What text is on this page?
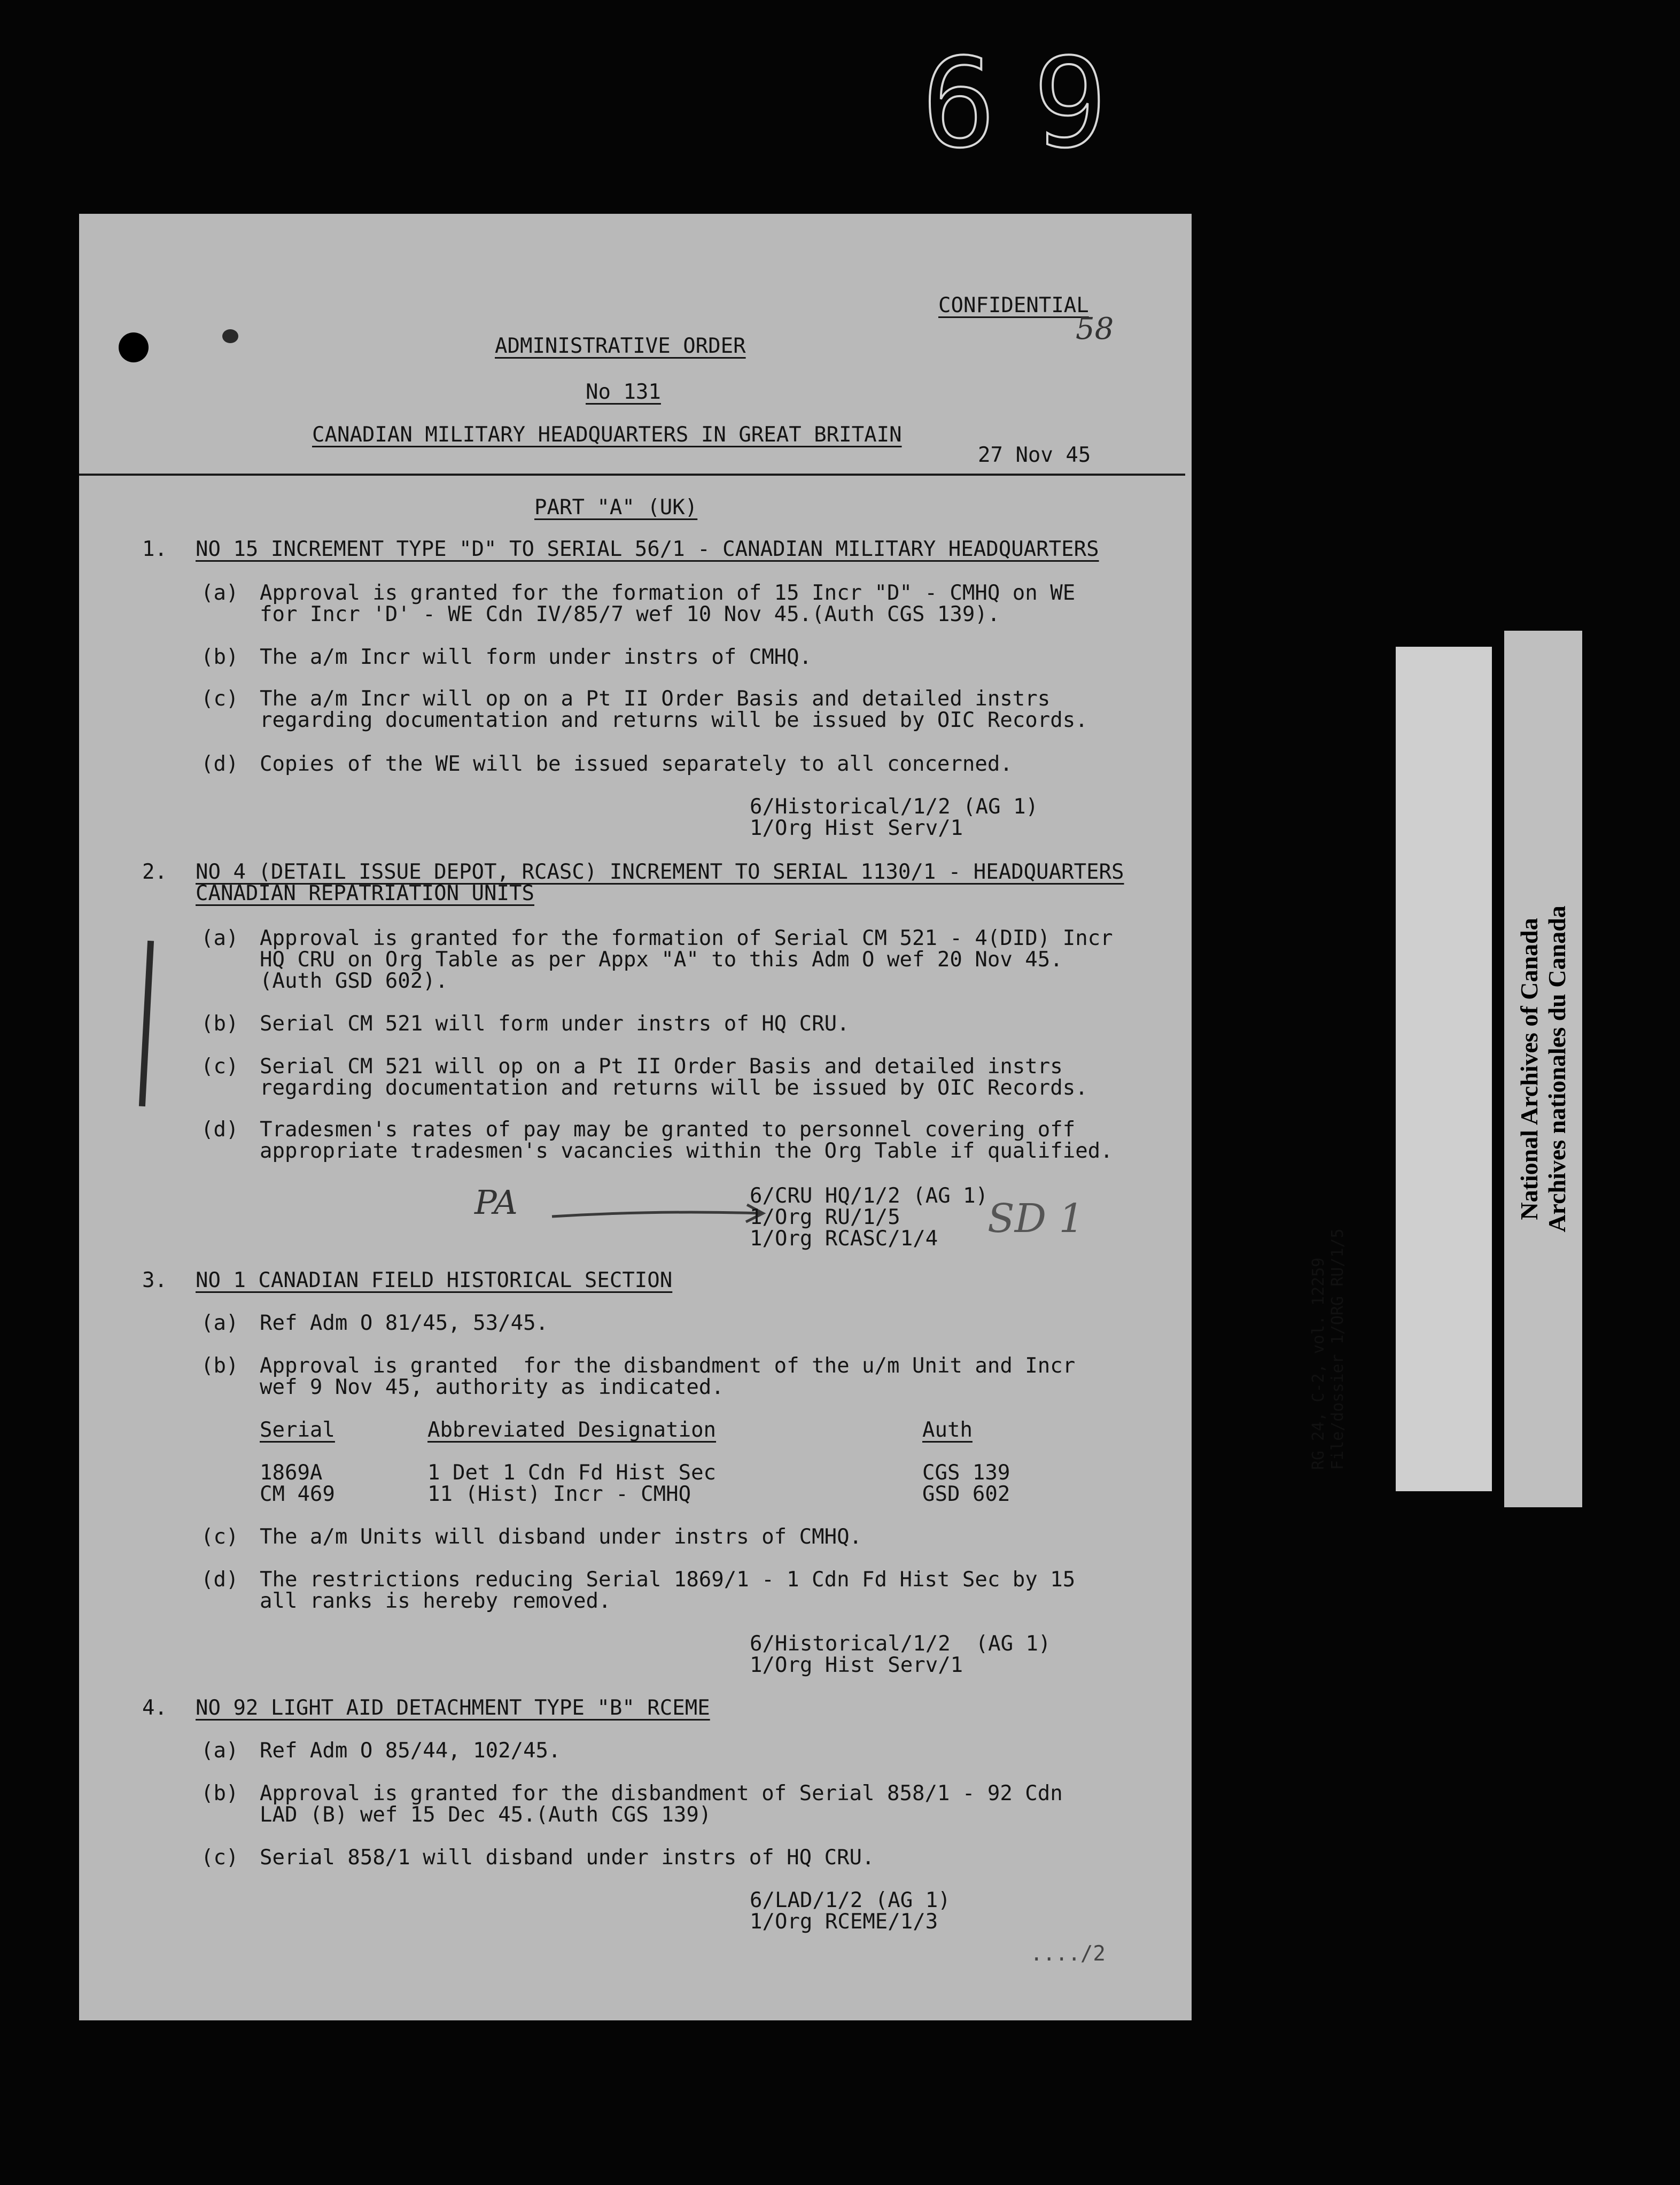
69
CONFIDENTIAL
58
ADMINISTRATIVE ORDER
No 131
CANADIAN MILITARY HEADQUARTERS IN GREAT BRITAIN
27 Nov 45
PART "A" (UK)
1. NO 15 INCREMENT TYPE "D" TO SERIAL 56/1 - CANADIAN MILITARY HEADQUARTERS
(a) Approval is granted for the formation of 15 Incr "D" - CMHQ on WE
for Incr 'D' - WE Cdn IV/85/7 wef 10 Nov 45.(Auth CGS 139).
(b) The a/m Incr will form under instrs of CMHQ.
(c) The a/m Incr will op on a Pt II Order Basis and detailed instrs
regarding documentation and returns will be issued by OIC Records.
(d) Copies of the WE will be issued separately to all concerned.
6/Historical/1/2 (AG 1)
1/Org Hist Serv/1
2. NO 4 (DETAIL ISSUE DEPOT, RCASC) INCREMENT TO SERIAL 1130/1 - HEADQUARTERS
CANADIAN REPATRIATION UNITS
(a) Approval is granted for the formation of Serial CM 521 - 4(DID) Incr
HQ CRU on Org Table as per Appx "A" to this Adm O wef 20 Nov 45.
(Auth GSD 602).
(b) Serial CM 521 will form under instrs of HQ CRU.
(c) Serial CM 521 will op on a Pt II Order Basis and detailed instrs
regarding documentation and returns will be issued by OIC Records.
(d) Tradesmen's rates of pay may be granted to personnel covering off
appropriate tradesmen's vacancies within the Org Table if qualified.
PA	6/CRU HQ/1/2 (AG 1)
1/Org RU/1/5
1/Org RCASC/1/4 SD 1
3. NO 1 CANADIAN FIELD HISTORICAL SECTION
(a) Ref Adm O 81/45, 53/45.
(b) Approval is granted  for the disbandment of the u/m Unit and Incr
wef 9 Nov 45, authority as indicated.
Serial	Abbreviated Designation	Auth
1869A	1 Det 1 Cdn Fd Hist Sec	CGS 139
CM 469	11 (Hist) Incr - CMHQ	GSD 602
(c) The a/m Units will disband under instrs of CMHQ.
(d) The restrictions reducing Serial 1869/1 - 1 Cdn Fd Hist Sec by 15
all ranks is hereby removed.
6/Historical/1/2  (AG 1)
1/Org Hist Serv/1
4. NO 92 LIGHT AID DETACHMENT TYPE "B" RCEME
(a) Ref Adm O 85/44, 102/45.
(b) Approval is granted for the disbandment of Serial 858/1 - 92 Cdn
LAD (B) wef 15 Dec 45.(Auth CGS 139)
(c) Serial 858/1 will disband under instrs of HQ CRU.
6/LAD/1/2 (AG 1)
1/Org RCEME/1/3
..../2
RG 24, C-2, vol. 12259
File/dossier 1/ORG RU/1/5

National Archives of Canada
Archives nationales du Canada
